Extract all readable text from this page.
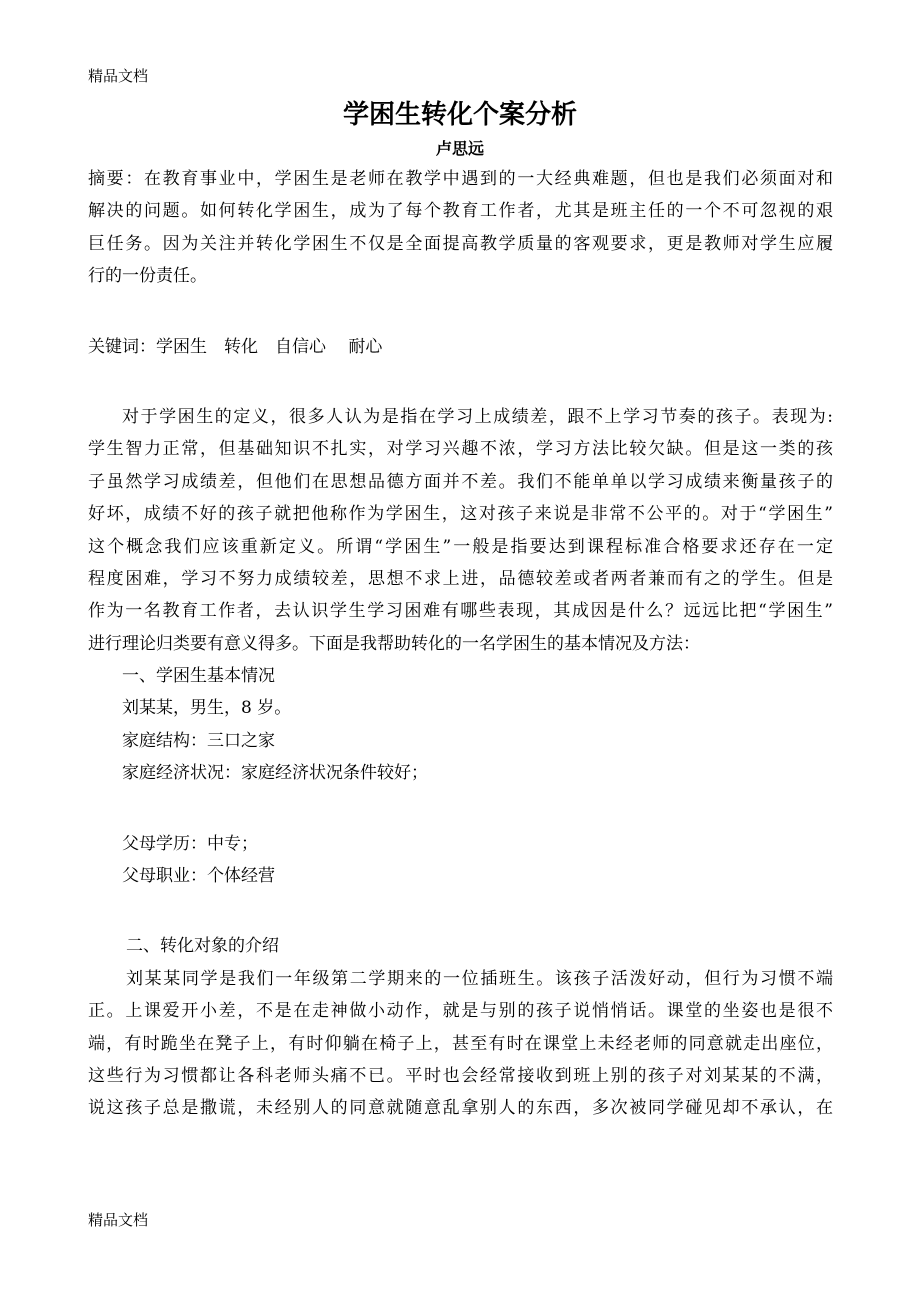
精品文档
学困生转化个案分析
卢思远
摘要：在教育事业中，学困生是老师在教学中遇到的一大经典难题，但也是我们必须面对和
解决的问题。如何转化学困生，成为了每个教育工作者，尤其是班主任的一个不可忽视的艰
巨任务。因为关注并转化学困生不仅是全面提高教学质量的客观要求，更是教师对学生应履
行的一份责任。
关键词：学困生　转化　自信心　 耐心
对于学困生的定义，很多人认为是指在学习上成绩差，跟不上学习节奏的孩子。表现为:
学生智力正常，但基础知识不扎实，对学习兴趣不浓，学习方法比较欠缺。但是这一类的孩
子虽然学习成绩差，但他们在思想品德方面并不差。我们不能单单以学习成绩来衡量孩子的
好坏，成绩不好的孩子就把他称作为学困生，这对孩子来说是非常不公平的。对于“学困生”
这个概念我们应该重新定义。所谓“学困生”一般是指要达到课程标准合格要求还存在一定
程度困难，学习不努力成绩较差，思想不求上进，品德较差或者两者兼而有之的学生。但是
作为一名教育工作者，去认识学生学习困难有哪些表现，其成因是什么？远远比把“学困生”
进行理论归类要有意义得多。下面是我帮助转化的一名学困生的基本情况及方法：
一、学困生基本情况
刘某某，男生，8 岁。
家庭结构：三口之家
家庭经济状况：家庭经济状况条件较好；
父母学历：中专；
父母职业：个体经营
二、转化对象的介绍
刘某某同学是我们一年级第二学期来的一位插班生。该孩子活泼好动，但行为习惯不端
正。上课爱开小差，不是在走神做小动作，就是与别的孩子说悄悄话。课堂的坐姿也是很不
端，有时跪坐在凳子上，有时仰躺在椅子上，甚至有时在课堂上未经老师的同意就走出座位，
这些行为习惯都让各科老师头痛不已。平时也会经常接收到班上别的孩子对刘某某的不满，
说这孩子总是撒谎，未经别人的同意就随意乱拿别人的东西，多次被同学碰见却不承认，在
精品文档
